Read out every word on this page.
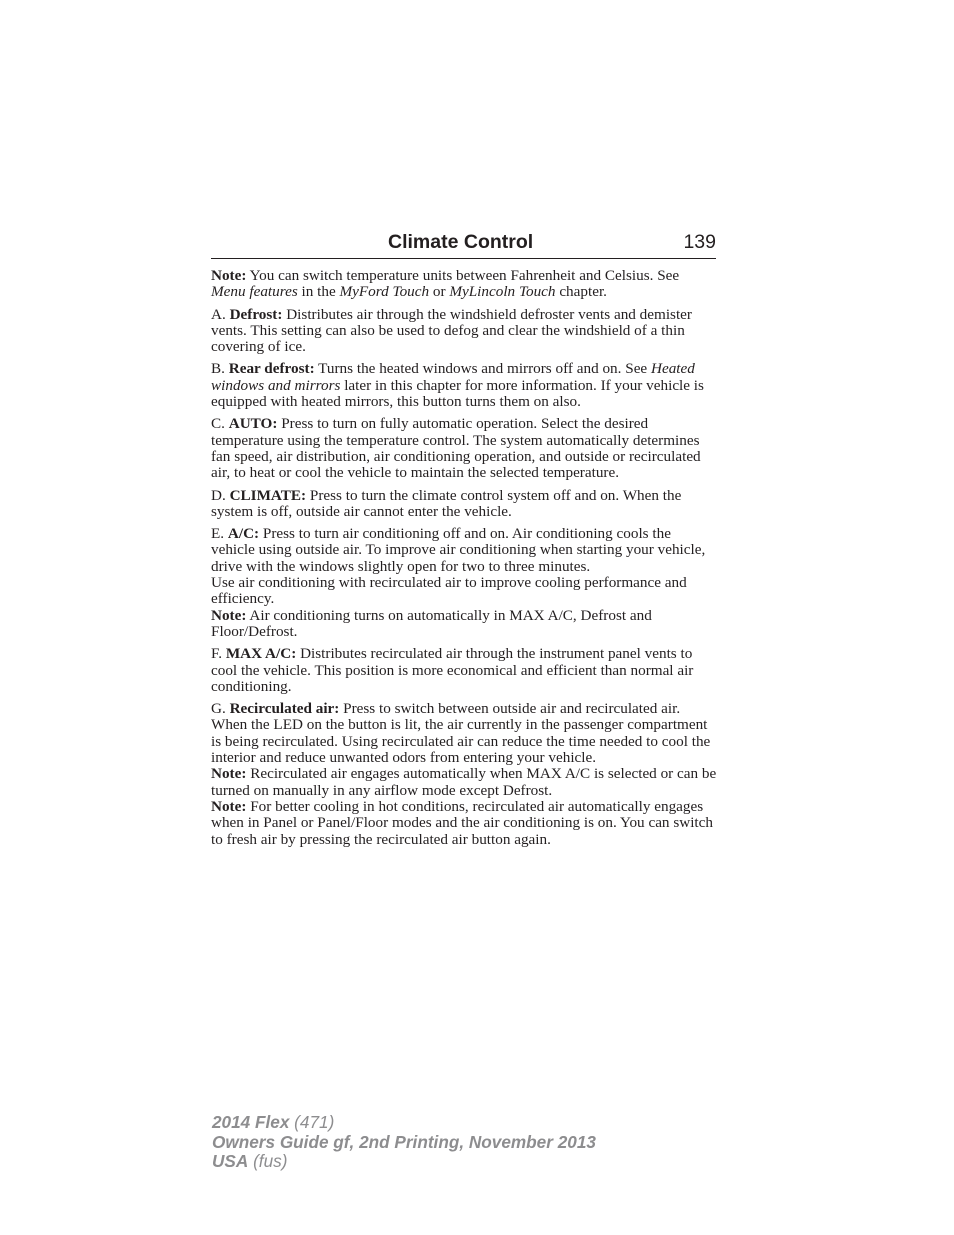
Climate Control	139

Note: You can switch temperature units between Fahrenheit and Celsius. See Menu features in the MyFord Touch or MyLincoln Touch chapter.

A. Defrost: Distributes air through the windshield defroster vents and demister vents. This setting can also be used to defog and clear the windshield of a thin covering of ice.

B. Rear defrost: Turns the heated windows and mirrors off and on. See Heated windows and mirrors later in this chapter for more information. If your vehicle is equipped with heated mirrors, this button turns them on also.

C. AUTO: Press to turn on fully automatic operation. Select the desired temperature using the temperature control. The system automatically determines fan speed, air distribution, air conditioning operation, and outside or recirculated air, to heat or cool the vehicle to maintain the selected temperature.

D. CLIMATE: Press to turn the climate control system off and on. When the system is off, outside air cannot enter the vehicle.

E. A/C: Press to turn air conditioning off and on. Air conditioning cools the vehicle using outside air. To improve air conditioning when starting your vehicle, drive with the windows slightly open for two to three minutes.

Use air conditioning with recirculated air to improve cooling performance and efficiency.

Note: Air conditioning turns on automatically in MAX A/C, Defrost and Floor/Defrost.

F. MAX A/C: Distributes recirculated air through the instrument panel vents to cool the vehicle. This position is more economical and efficient than normal air conditioning.

G. Recirculated air: Press to switch between outside air and recirculated air. When the LED on the button is lit, the air currently in the passenger compartment is being recirculated. Using recirculated air can reduce the time needed to cool the interior and reduce unwanted odors from entering your vehicle.

Note: Recirculated air engages automatically when MAX A/C is selected or can be turned on manually in any airflow mode except Defrost.

Note: For better cooling in hot conditions, recirculated air automatically engages when in Panel or Panel/Floor modes and the air conditioning is on. You can switch to fresh air by pressing the recirculated air button again.

2014 Flex (471)
Owners Guide gf, 2nd Printing, November 2013
USA (fus)
